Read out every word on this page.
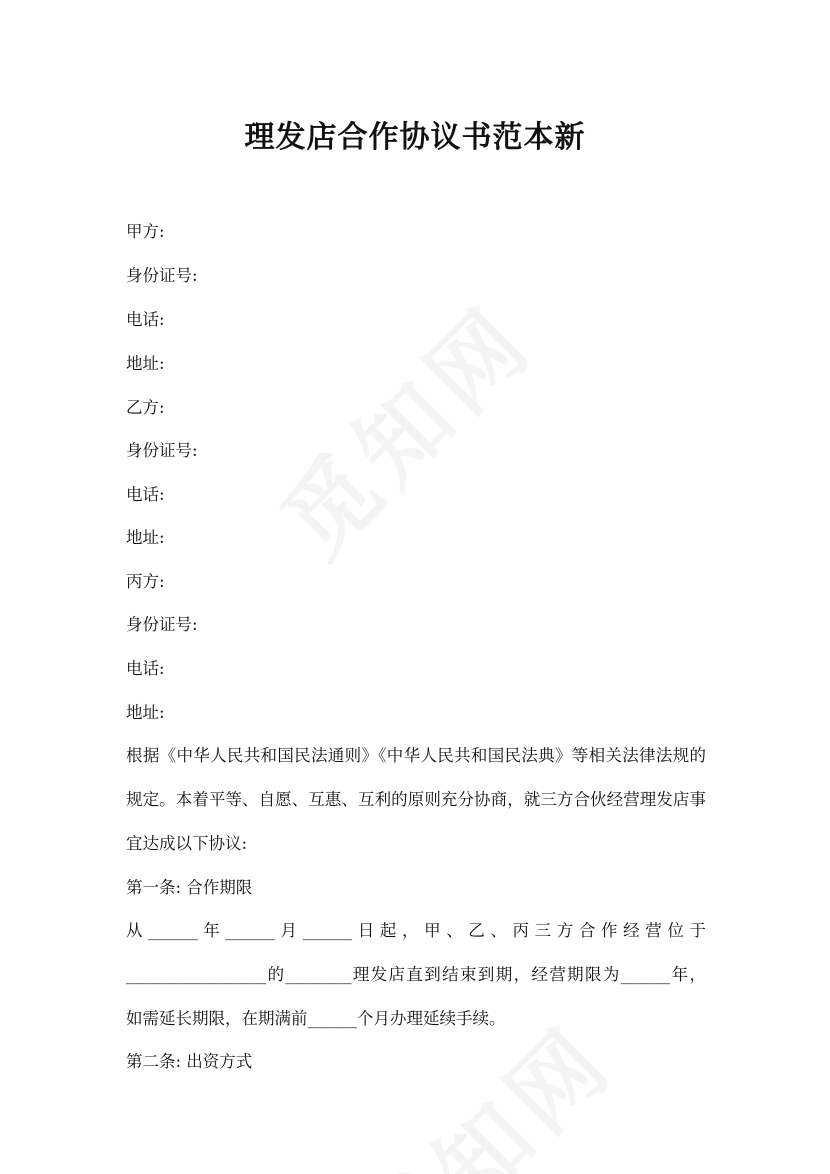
理发店合作协议书范本新

甲方:

身份证号:

电话:

地址:

乙方:

身份证号:

电话:

地址:

丙方:

身份证号:

电话:

地址:

根据《中华人民共和国民法通则》《中华人民共和国民法典》等相关法律法规的

规定。本着平等、自愿、互惠、互利的原则充分协商，就三方合伙经营理发店事

宜达成以下协议:

第一条: 合作期限

从______年______月______日起，甲、乙、丙三方合作经营位于

_________________的________理发店直到结束到期，经营期限为______年，

如需延长期限，在期满前______个月办理延续手续。

第二条: 出资方式
